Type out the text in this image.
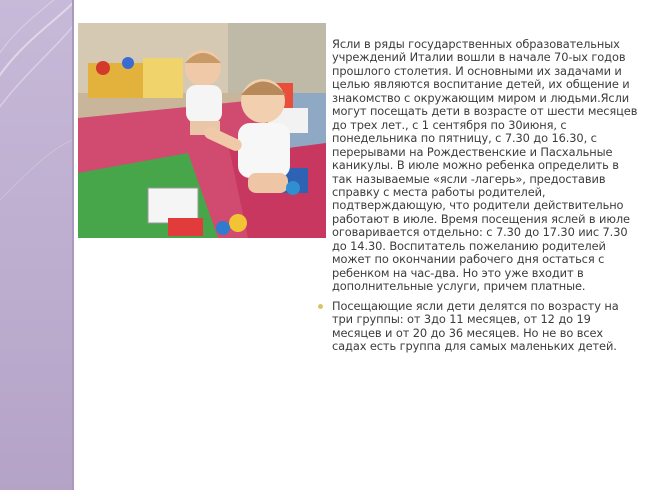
Ясли в ряды государственных образовательных учреждений Италии вошли в начале 70-ых годов прошлого столетия. И основными их задачами и целью являются воспитание детей, их общение и знакомство с окружающим миром и людьми.Ясли могут посещать дети в возрасте от шести месяцев до трех лет., с 1 сентября по 30июня, с понедельника по пятницу, с 7.30 до 16.30, с перерывами на Рождественские и Пасхальные каникулы. В июле можно ребенка определить в так называемые «ясли -лагерь», предоставив справку с места работы родителей, подтверждающую, что родители действительно работают в июле. Время посещения яслей в июле оговаривается отдельно: с 7.30 до 17.30 иис 7.30 до 14.30. Воспитатель пожеланию родителей может по окончании рабочего дня остаться с ребенком на час-два. Но это уже входит в дополнительные услуги, причем платные.
Посещающие ясли дети делятся по возрасту на три группы: от 3до 11 месяцев, от 12 до 19 месяцев и от 20 до 36 месяцев. Но не во всех садах есть группа для самых маленьких детей.
